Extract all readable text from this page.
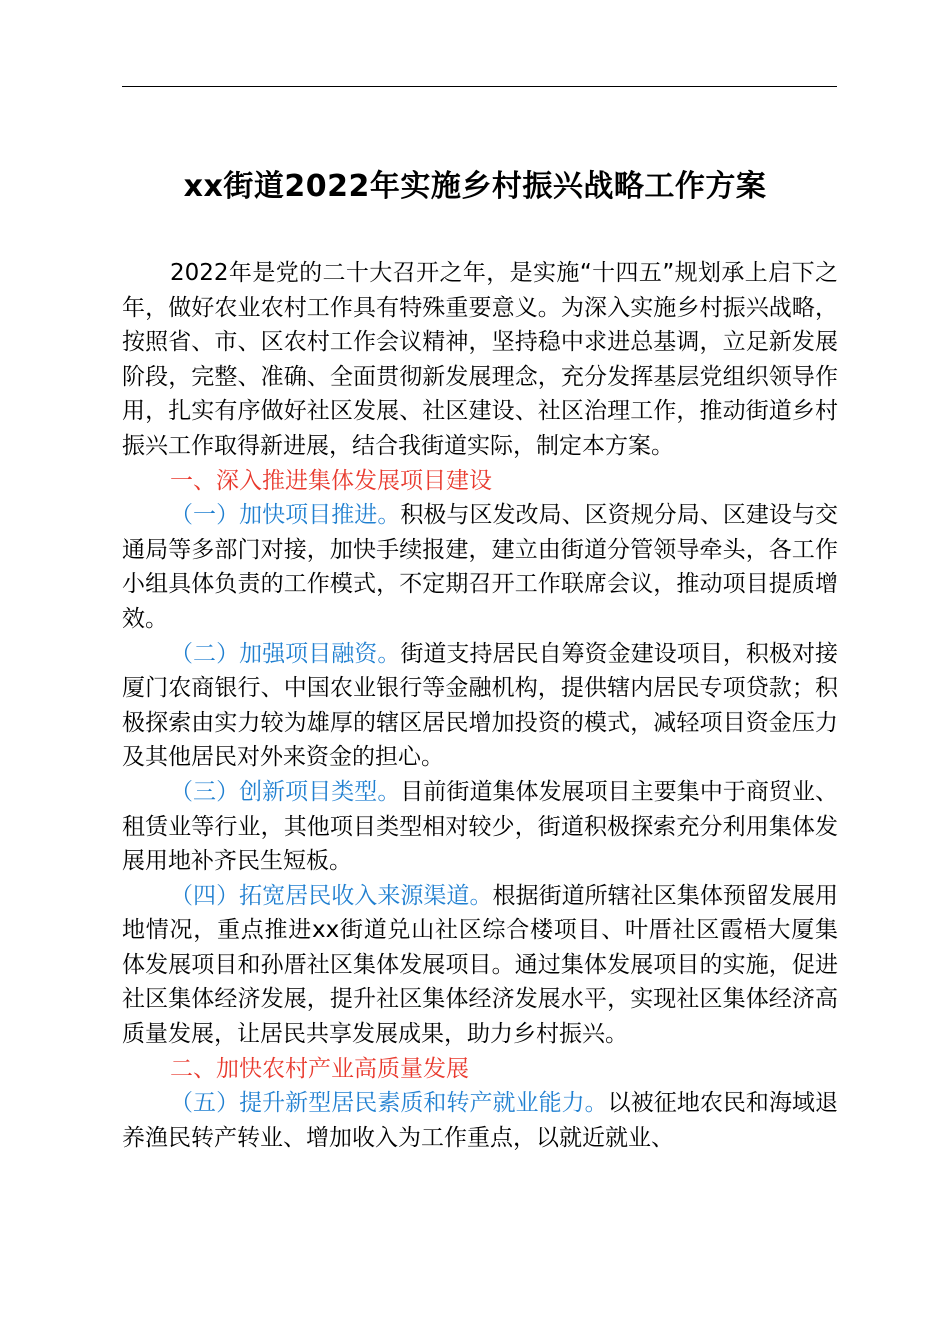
xx街道2022年实施乡村振兴战略工作方案

2022年是党的二十大召开之年，是实施“十四五”规划承上启下之年，做好农业农村工作具有特殊重要意义。为深入实施乡村振兴战略，按照省、市、区农村工作会议精神，坚持稳中求进总基调，立足新发展阶段，完整、准确、全面贯彻新发展理念，充分发挥基层党组织领导作用，扎实有序做好社区发展、社区建设、社区治理工作，推动街道乡村振兴工作取得新进展，结合我街道实际，制定本方案。

一、深入推进集体发展项目建设

（一）加快项目推进。积极与区发改局、区资规分局、区建设与交通局等多部门对接，加快手续报建，建立由街道分管领导牵头，各工作小组具体负责的工作模式，不定期召开工作联席会议，推动项目提质增效。

（二）加强项目融资。街道支持居民自筹资金建设项目，积极对接厦门农商银行、中国农业银行等金融机构，提供辖内居民专项贷款；积极探索由实力较为雄厚的辖区居民增加投资的模式，减轻项目资金压力及其他居民对外来资金的担心。

（三）创新项目类型。目前街道集体发展项目主要集中于商贸业、租赁业等行业，其他项目类型相对较少，街道积极探索充分利用集体发展用地补齐民生短板。

（四）拓宽居民收入来源渠道。根据街道所辖社区集体预留发展用地情况，重点推进xx街道兑山社区综合楼项目、叶厝社区霞梧大厦集体发展项目和孙厝社区集体发展项目。通过集体发展项目的实施，促进社区集体经济发展，提升社区集体经济发展水平，实现社区集体经济高质量发展，让居民共享发展成果，助力乡村振兴。

二、加快农村产业高质量发展

（五）提升新型居民素质和转产就业能力。以被征地农民和海域退养渔民转产转业、增加收入为工作重点，以就近就业、
